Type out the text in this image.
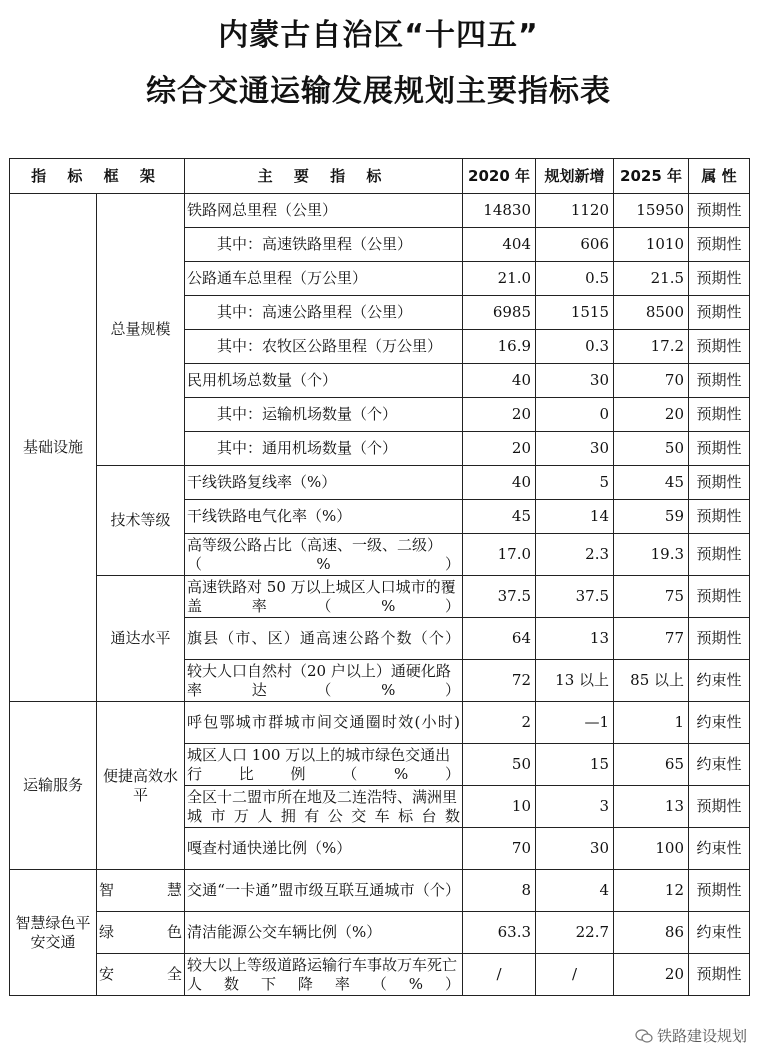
内蒙古自治区“十四五”
综合交通运输发展规划主要指标表
指 标 框 架		主 要 指 标	2020 年	规划新增	2025 年	属 性
基础设施	总量规模	铁路网总里程（公里）	14830	1120	15950	预期性
		其中：高速铁路里程（公里）	404	606	1010	预期性
		公路通车总里程（万公里）	21.0	0.5	21.5	预期性
		其中：高速公路里程（公里）	6985	1515	8500	预期性
		其中：农牧区公路里程（万公里）	16.9	0.3	17.2	预期性
		民用机场总数量（个）	40	30	70	预期性
		其中：运输机场数量（个）	20	0	20	预期性
		其中：通用机场数量（个）	20	30	50	预期性
	技术等级	干线铁路复线率（%）	40	5	45	预期性
		干线铁路电气化率（%）	45	14	59	预期性
		高等级公路占比（高速、一级、二级）（%）	17.0	2.3	19.3	预期性
	通达水平	高速铁路对 50 万以上城区人口城市的覆盖率（%）	37.5	37.5	75	预期性
		旗县（市、区）通高速公路个数（个）	64	13	77	预期性
		较大人口自然村（20 户以上）通硬化路率达（%）	72	13 以上	85 以上	约束性
运输服务	便捷高效水 平	呼包鄂城市群城市间交通圈时效(小时)	2	—1	1	约束性
		城区人口 100 万以上的城市绿色交通出行比例（%）	50	15	65	约束性
		全区十二盟市所在地及二连浩特、满洲里城市万人拥有公交车标台数	10	3	13	预期性
		嘎查村通快递比例（%）	70	30	100	约束性
智慧绿色平安交通	智 慧	交通“一卡通”盟市级互联互通城市（个）	8	4	12	预期性
	绿 色	清洁能源公交车辆比例（%）	63.3	22.7	86	约束性
	安 全	较大以上等级道路运输行车事故万车死亡人数下降率（%）	/	/	20	预期性
铁路建设规划
